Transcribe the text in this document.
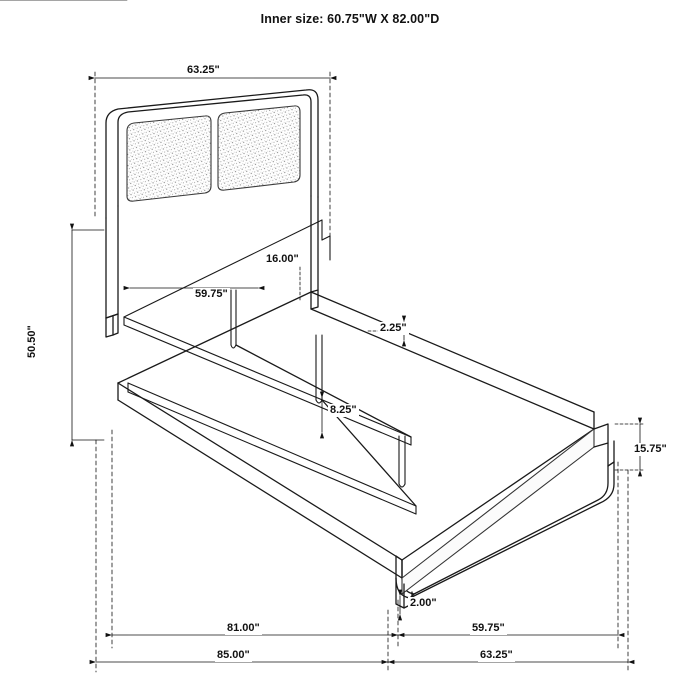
Inner size: 60.75"W X 82.00"D
63.25"
50.50"
59.75"
16.00"
2.25"
8.25"
15.75"
2.00"
81.00"	59.75"
85.00"	63.25"
